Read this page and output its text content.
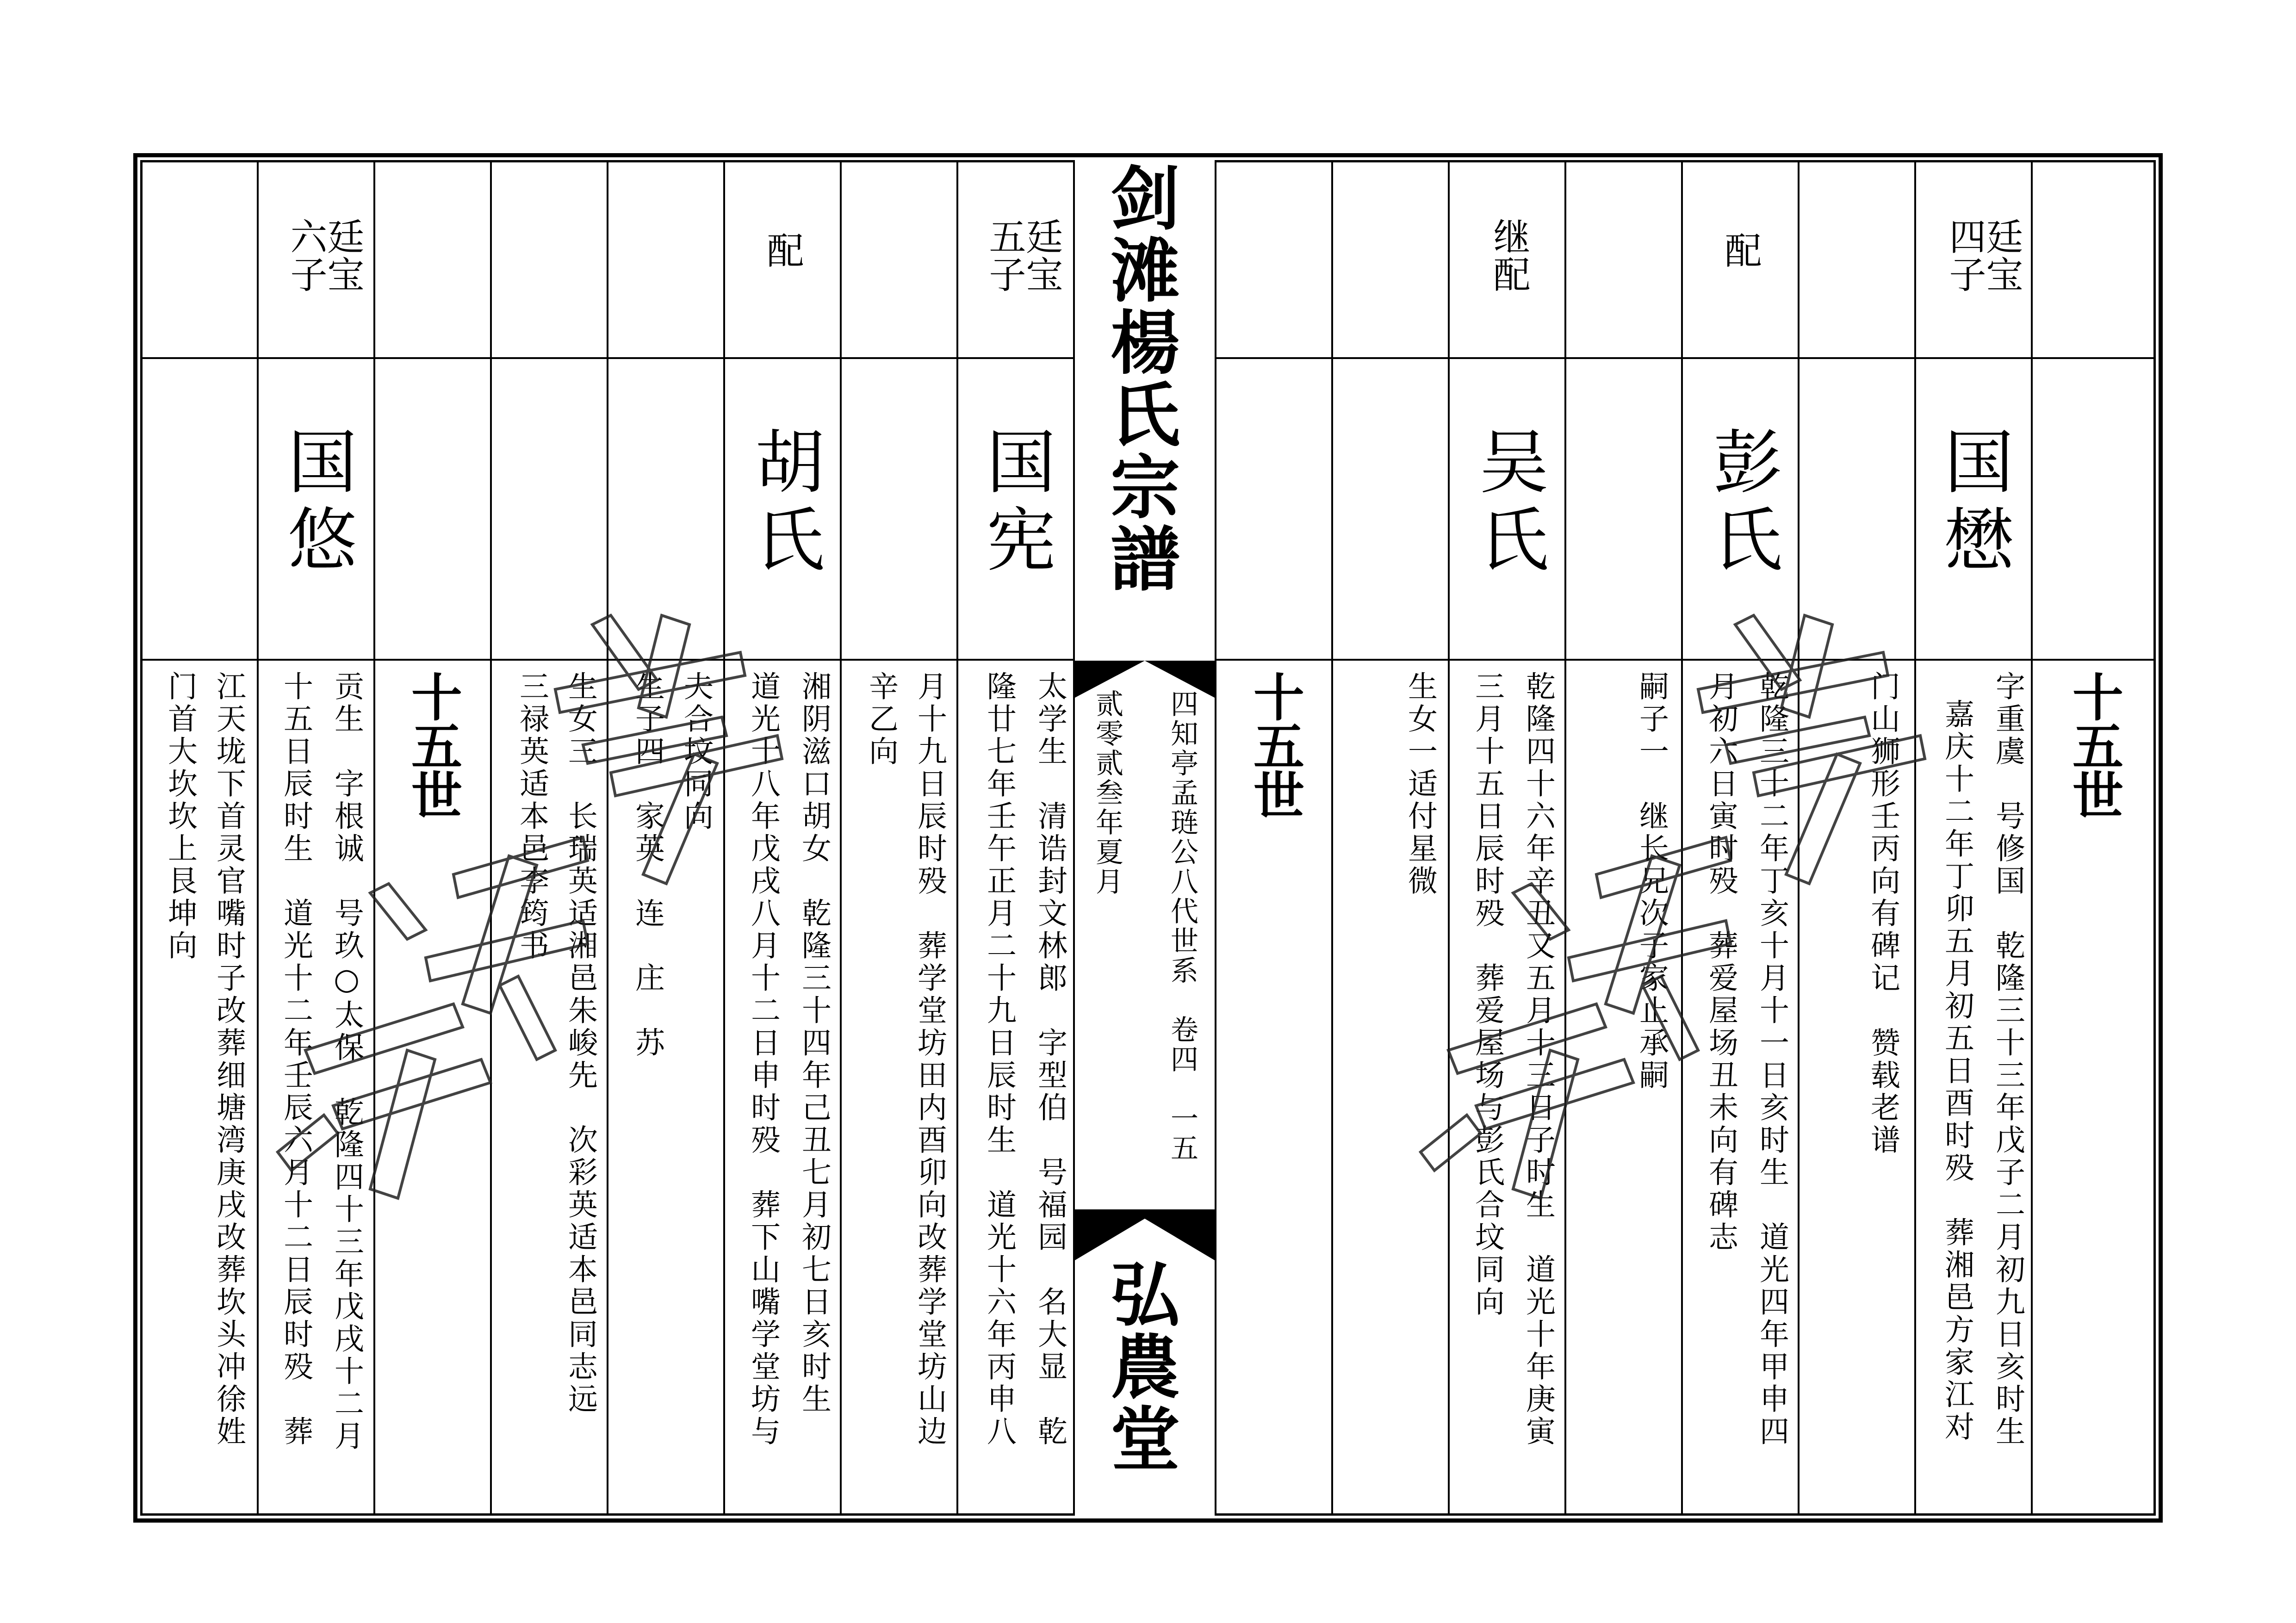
剑滩楊氏宗譜
四知亭孟琏公八代世系　卷四　一五
贰零贰叁年夏月
弘農堂
十五世
廷宝
四子
国懋
字重虞　号修国　乾隆三十三年戊子二月初九日亥时生
嘉庆十二年丁卯五月初五日酉时殁　葬湘邑方家江对
门山狮形壬丙向有碑记　赞载老谱
配
彭氏
乾隆三十二年丁亥十月十一日亥时生　道光四年甲申四
月初六日寅时殁　葬爱屋场丑未向有碑志
嗣子一　继长兄次子家止承嗣
继配
吴氏
乾隆四十六年辛丑又五月十三日子时生　道光十年庚寅
三月十五日辰时殁　葬爱屋场与彭氏合坟同向
生女一适付星微
十五世
廷宝
五子
国宪
太学生　清诰封文林郎　字型伯　号福园　名大显　乾
隆廿七年壬午正月二十九日辰时生　道光十六年丙申八
月十九日辰时殁　葬学堂坊田内酉卯向改葬学堂坊山边
辛乙向
配
胡氏
湘阴滋口胡女　乾隆三十四年己丑七月初七日亥时生
道光十八年戊戌八月十二日申时殁　葬下山嘴学堂坊与
夫合坟同向
生子四　家英　连　庄　苏
生女三　长瑞英适湘邑朱峻先　次彩英适本邑同志远
三禄英适本邑李筠书
十五世
廷宝
六子
国悠
贡生　字根诚　号玖○太保　乾隆四十三年戊戌十二月
十五日辰时生　道光十二年壬辰六月十二日辰时殁　葬
江天垅下首灵官嘴时子改葬细塘湾庚戌改葬坎头冲徐姓
门首大坎坎上艮坤向
